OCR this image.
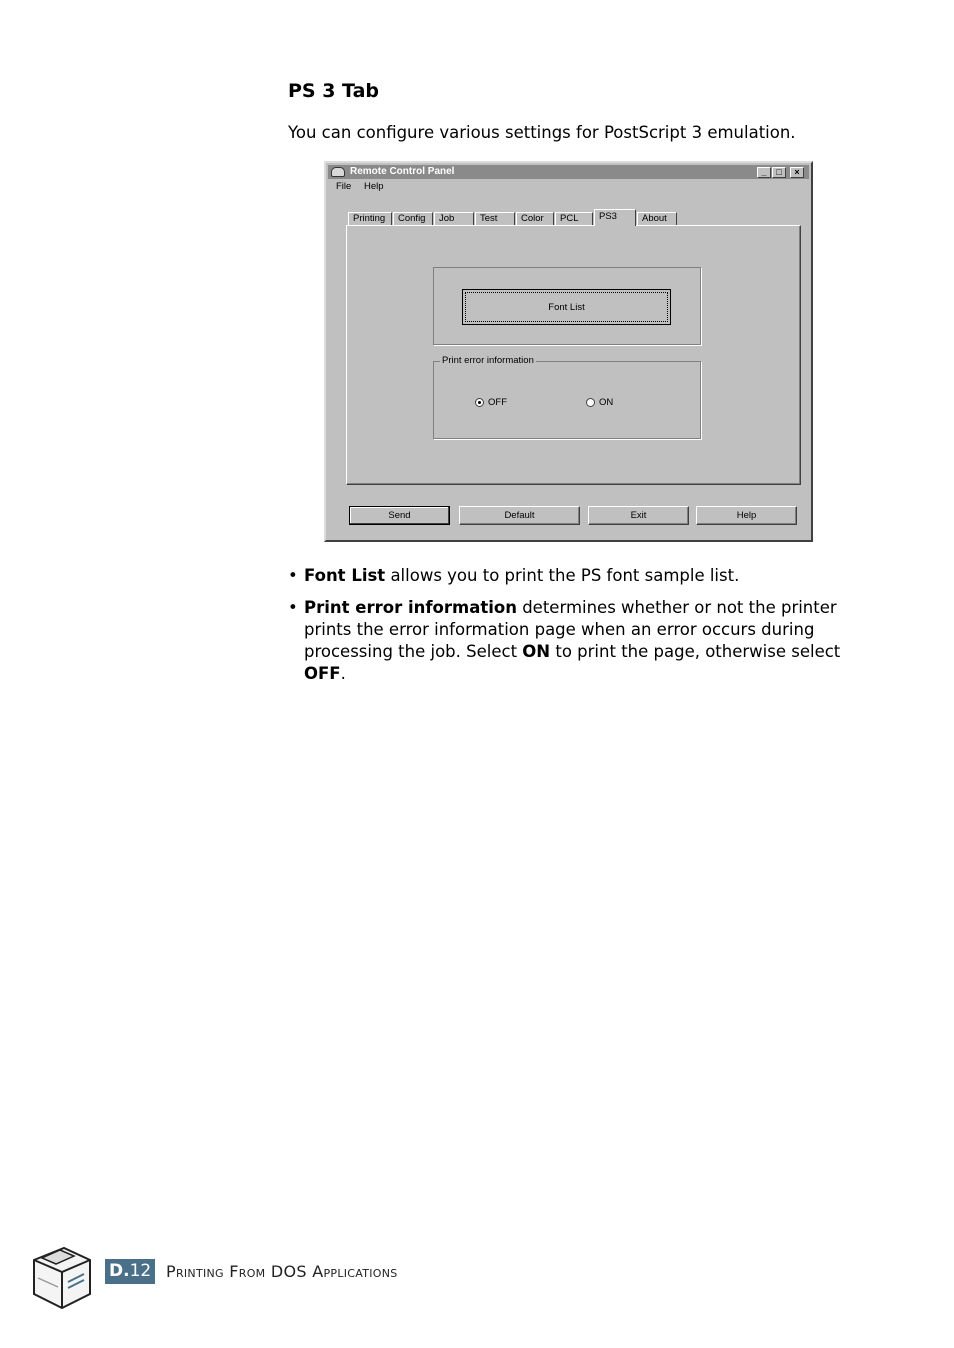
PS 3 Tab

You can configure various settings for PostScript 3 emulation.

Remote Control Panel	_	□	×
File Help
Printing	Config	Job	Test	Color	PCL	PS3	About
Font List
Print error information
OFF	ON
Send	Default	Exit	Help

• Font List allows you to print the PS font sample list.

• Print error information determines whether or not the printer prints the error information page when an error occurs during processing the job. Select ON to print the page, otherwise select OFF.

D.12 Printing From DOS Applications
